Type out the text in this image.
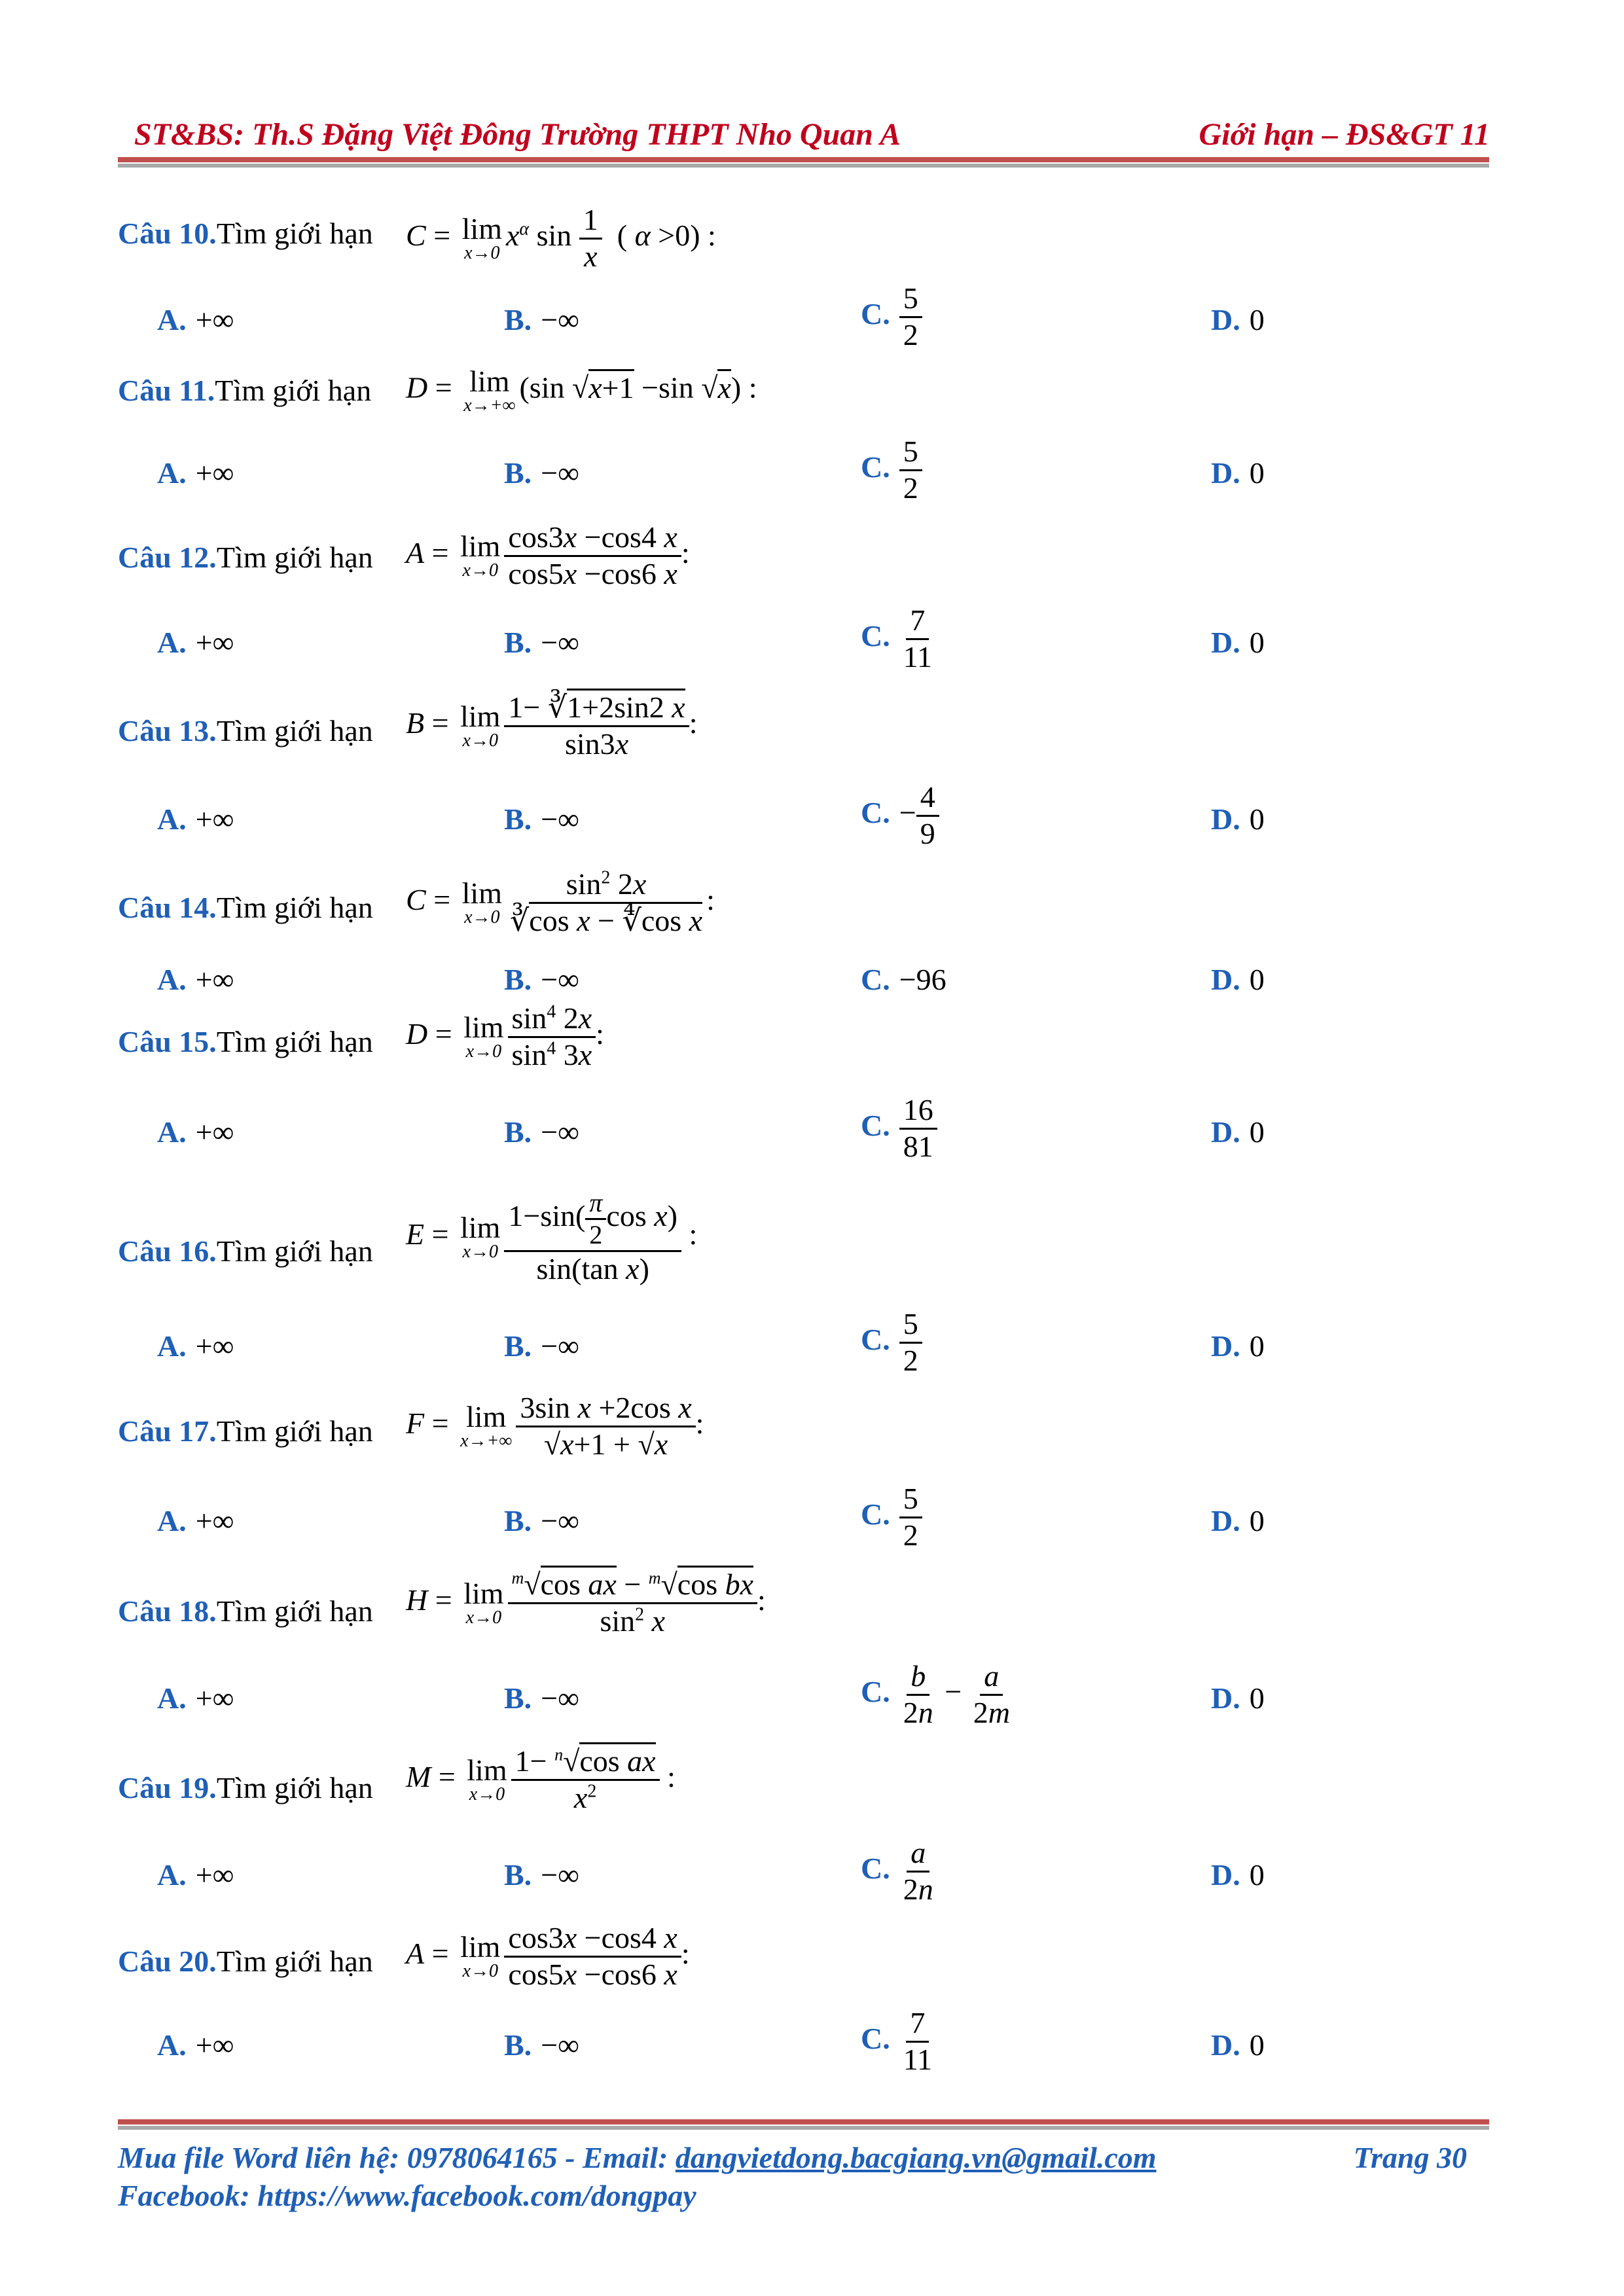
ST&BS: Th.S Đặng Việt Đông Trường THPT Nho Quan A	Giới hạn – ĐS&GT 11
Câu 10.Tìm giới hạn C = lim
x→0
$x^\alpha$ $\sin \frac{1}{x}$ ( α >0) :
A. +∞	B. −∞	C. $\frac{5}{2}$	D. 0
Câu 11.Tìm giới hạn D = lim
x→+∞
(sin √x+1 −sin √x) :
A. +∞	B. −∞	C. $\frac{5}{2}$	D. 0
Câu 12.Tìm giới hạn A = lim
$x\to 0 \frac{\cos 3x -\cos 4 x}{\cos 5x -\cos 6 x}$ :
A. +∞	B. −∞	C. $\frac{7}{11}$	D. 0
Câu 13.Tìm giới hạn B = lim
$x\to 0 \frac{1- ∛1+2\sin 2 x}{\sin 3x}$ :
A. +∞	B. −∞	C. − $\frac{4}{9}$	D. 0
Câu 14.Tìm giới hạn C = lim
$x\to 0 \frac{\sin^2 2x}{\text{∛cos x − ∜cos x}}$ :
A. +∞	B. −∞	C. −96	D. 0
Câu 15.Tìm giới hạn D = lim
$x\to 0 \frac{\sin^4 2x}{\sin^4 3x}$ :
A. +∞	B. −∞	C. $\frac{16}{81}$	D. 0
Câu 16.Tìm giới hạn
E = lim
$x\to 0 \frac{1-\sin( \frac{\pi}{2} \cos x)}{\text{sin(tan x)}}$ :
A. +∞	B. −∞	C. $\frac{5}{2}$	D. 0
Câu 17.Tìm giới hạn F = lim
$x\to+\infty \frac{\text{3sin x +2cos x}}{√x+1 + √x}$ :
A. +∞	B. −∞	C. $\frac{5}{2}$	D. 0
Câu 18.Tìm giới hạn H = lim
$x\to 0 \frac{^m√\cos ax - ^m√\cos bx}{\sin^2 x}$ :
A. +∞	B. −∞	C. $\frac{b}{2n} - \frac{a}{2m}$	D. 0
Câu 19.Tìm giới hạn M = lim
$x\to 0 \frac{1- ^n√\cos ax}{x^2}$ :
A. +∞	B. −∞	C. $\frac{a}{2n}$	D. 0
Câu 20.Tìm giới hạn A = lim
$x\to 0 \frac{\cos 3x -\cos 4 x}{\cos 5x -\cos 6 x}$ :
A. +∞	B. −∞	C. $\frac{7}{11}$	D. 0
Mua file Word liên hệ: 0978064165 - Email: dangvietdong.bacgiang.vn@gmail.com	Trang 30
Facebook: https://www.facebook.com/dongpay
